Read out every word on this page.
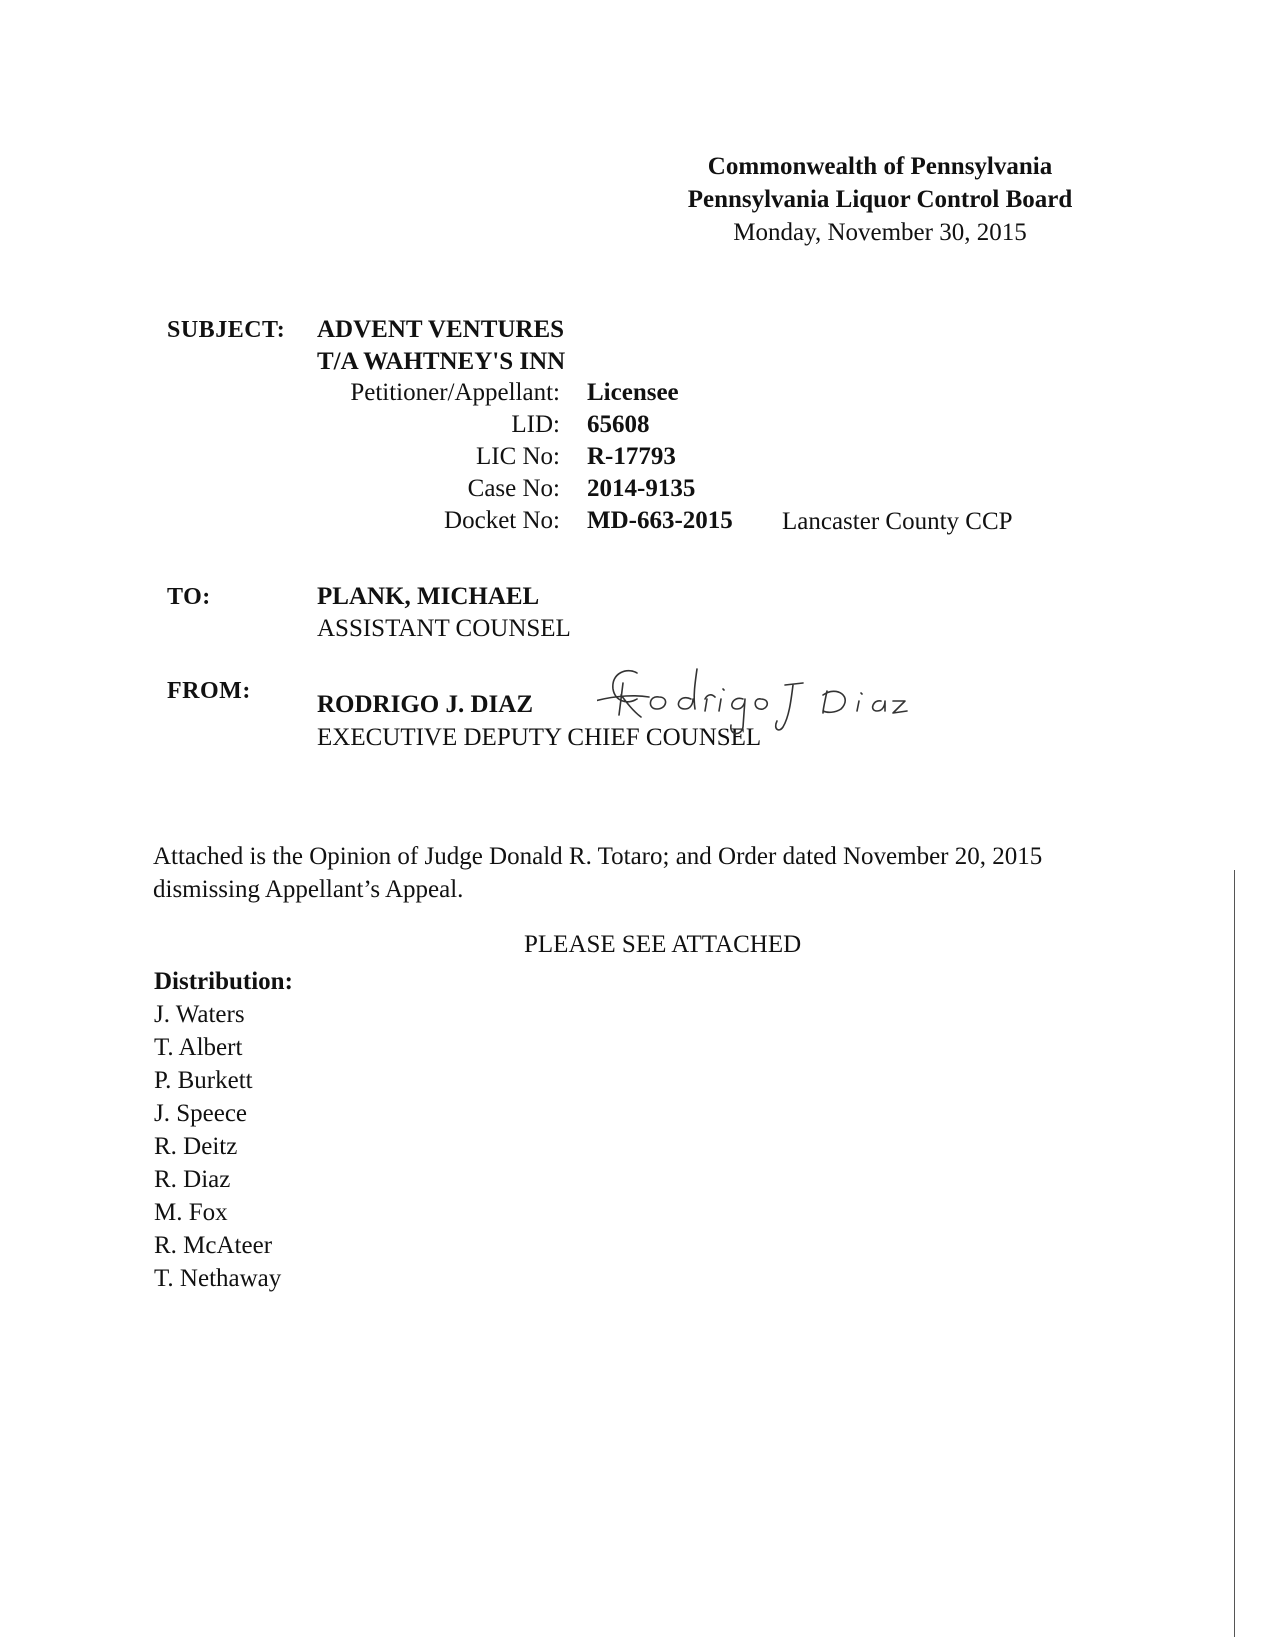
Commonwealth of Pennsylvania
Pennsylvania Liquor Control Board
Monday, November 30, 2015
SUBJECT: ADVENT VENTURES
T/A WAHTNEY'S INN
Petitioner/Appellant: Licensee
LID: 65608
LIC No: R-17793
Case No: 2014-9135
Docket No: MD-663-2015 Lancaster County CCP
TO:	PLANK, MICHAEL
ASSISTANT COUNSEL
FROM:	RODRIGO J. DIAZ
EXECUTIVE DEPUTY CHIEF COUNSEL
Attached is the Opinion of Judge Donald R. Totaro; and Order dated November 20, 2015 dismissing Appellant’s Appeal.
PLEASE SEE ATTACHED
Distribution:
J. Waters
T. Albert
P. Burkett
J. Speece
R. Deitz
R. Diaz
M. Fox
R. McAteer
T. Nethaway
